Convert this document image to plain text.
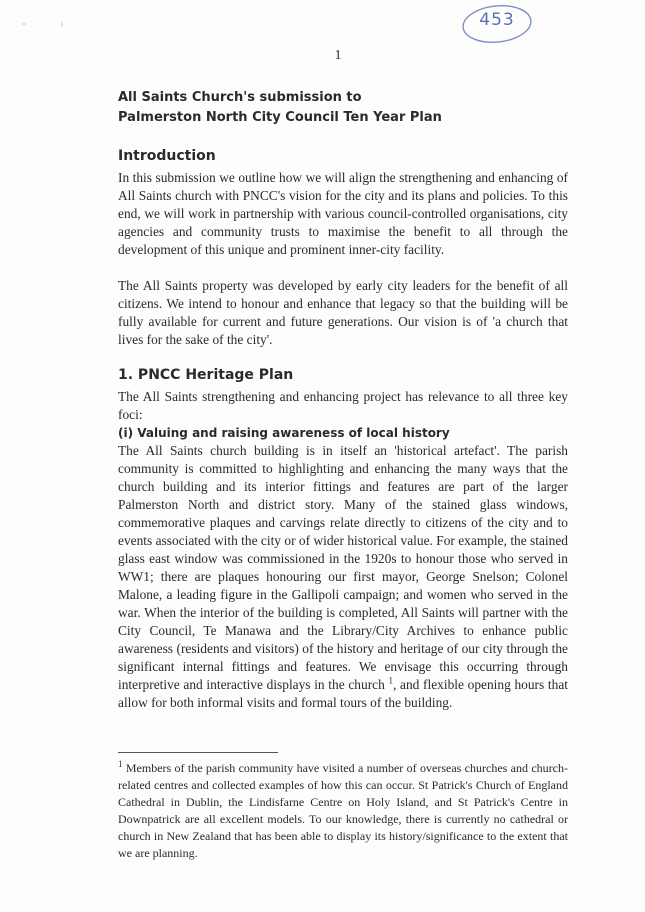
453
1
All Saints Church's submission to
Palmerston North City Council Ten Year Plan
Introduction

In this submission we outline how we will align the strengthening and enhancing of All Saints church with PNCC's vision for the city and its plans and policies. To this end, we will work in partnership with various council-controlled organisations, city agencies and community trusts to maximise the benefit to all through the development of this unique and prominent inner-city facility.

The All Saints property was developed by early city leaders for the benefit of all citizens. We intend to honour and enhance that legacy so that the building will be fully available for current and future generations. Our vision is of 'a church that lives for the sake of the city'.

1. PNCC Heritage Plan

The All Saints strengthening and enhancing project has relevance to all three key foci:

(i) Valuing and raising awareness of local history

The All Saints church building is in itself an 'historical artefact'. The parish community is committed to highlighting and enhancing the many ways that the church building and its interior fittings and features are part of the larger Palmerston North and district story. Many of the stained glass windows, commemorative plaques and carvings relate directly to citizens of the city and to events associated with the city or of wider historical value. For example, the stained glass east window was commissioned in the 1920s to honour those who served in WW1; there are plaques honouring our first mayor, George Snelson; Colonel Malone, a leading figure in the Gallipoli campaign; and women who served in the war. When the interior of the building is completed, All Saints will partner with the City Council, Te Manawa and the Library/City Archives to enhance public awareness (residents and visitors) of the history and heritage of our city through the significant internal fittings and features. We envisage this occurring through interpretive and interactive displays in the church $^1$, and flexible opening hours that allow for both informal visits and formal tours of the building.

$^1$ Members of the parish community have visited a number of overseas churches and church-related centres and collected examples of how this can occur. St Patrick's Church of England Cathedral in Dublin, the Lindisfarne Centre on Holy Island, and St Patrick's Centre in Downpatrick are all excellent models. To our knowledge, there is currently no cathedral or church in New Zealand that has been able to display its history/significance to the extent that we are planning.
